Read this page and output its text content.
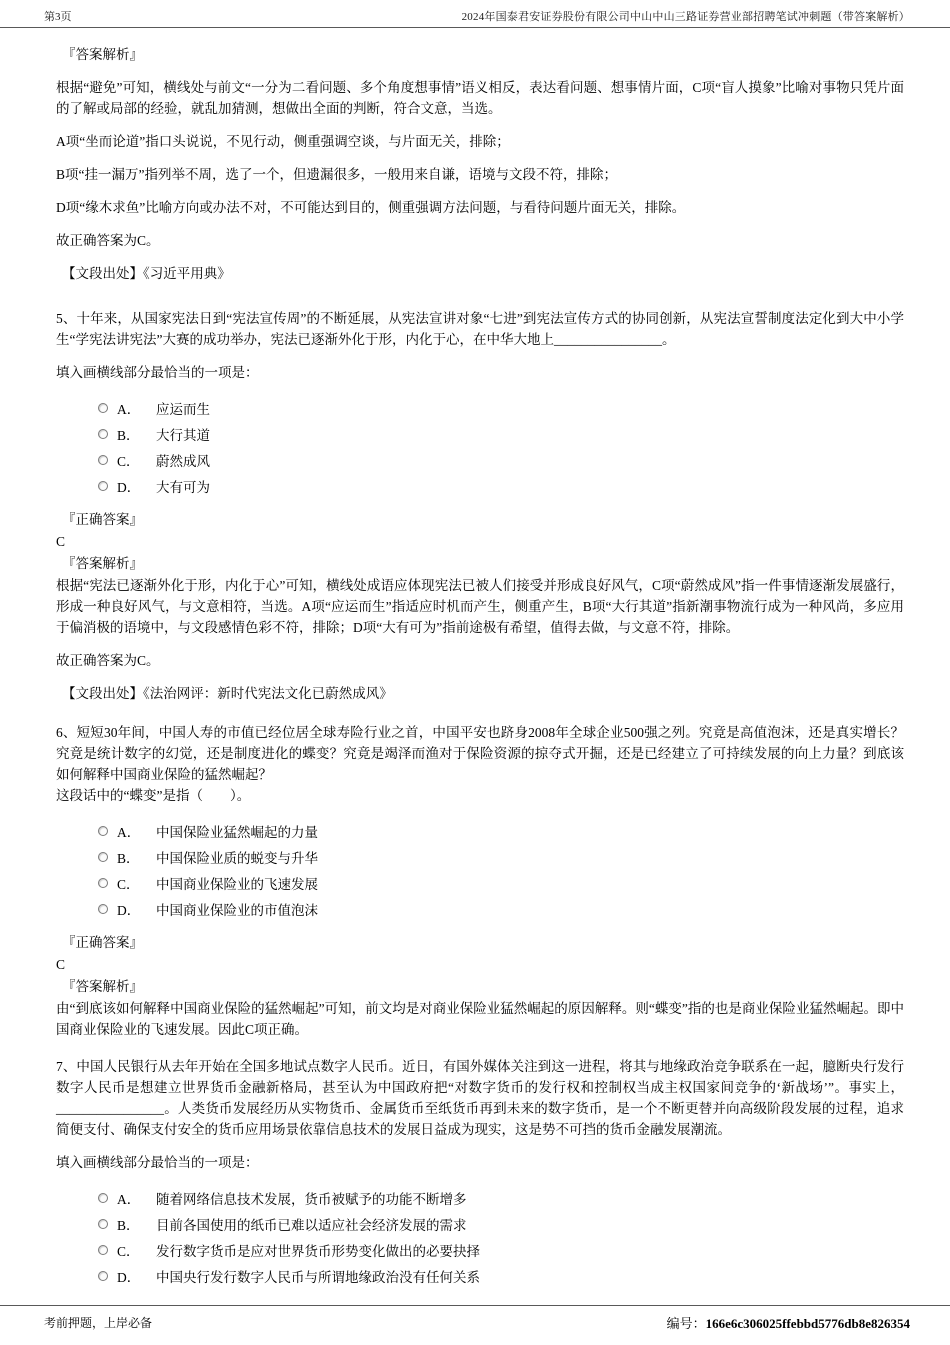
第3页	2024年国泰君安证券股份有限公司中山中山三路证券营业部招聘笔试冲刺题（带答案解析）

『答案解析』

根据“避免”可知，横线处与前文“一分为二看问题、多个角度想事情”语义相反，表达看问题、想事情片面，C项“盲人摸象”比喻对事物只凭片面的了解或局部的经验，就乱加猜测，想做出全面的判断，符合文意，当选。

A项“坐而论道”指口头说说，不见行动，侧重强调空谈，与片面无关，排除；

B项“挂一漏万”指列举不周，选了一个，但遗漏很多，一般用来自谦，语境与文段不符，排除；

D项“缘木求鱼”比喻方向或办法不对，不可能达到目的，侧重强调方法问题，与看待问题片面无关，排除。

故正确答案为C。

【文段出处】《习近平用典》

5、十年来，从国家宪法日到“宪法宣传周”的不断延展，从宪法宣讲对象“七进”到宪法宣传方式的协同创新，从宪法宣誓制度法定化到大中小学生“学宪法讲宪法”大赛的成功举办，宪法已逐渐外化于形，内化于心，在中华大地上________________。

填入画横线部分最恰当的一项是：

A． 应运而生
B．	大行其道
C．	蔚然成风
D． 大有可为

『正确答案』

C

『答案解析』

根据“宪法已逐渐外化于形，内化于心”可知，横线处成语应体现宪法已被人们接受并形成良好风气，C项“蔚然成风”指一件事情逐渐发展盛行，形成一种良好风气，与文意相符，当选。A项“应运而生”指适应时机而产生，侧重产生，B项“大行其道”指新潮事物流行成为一种风尚，多应用于偏消极的语境中，与文段感情色彩不符，排除；D项“大有可为”指前途极有希望，值得去做，与文意不符，排除。

故正确答案为C。

【文段出处】《法治网评：新时代宪法文化已蔚然成风》

6、短短30年间，中国人寿的市值已经位居全球寿险行业之首，中国平安也跻身2008年全球企业500强之列。究竟是高值泡沫，还是真实增长？究竟是统计数字的幻觉，还是制度进化的蝶变？究竟是竭泽而渔对于保险资源的掠夺式开掘，还是已经建立了可持续发展的向上力量？到底该如何解释中国商业保险的猛然崛起？

这段话中的“蝶变”是指（　　）。

A． 中国保险业猛然崛起的力量
B．	中国保险业质的蜕变与升华
C．	中国商业保险业的飞速发展
D． 中国商业保险业的市值泡沫

『正确答案』

C

『答案解析』

由“到底该如何解释中国商业保险的猛然崛起”可知，前文均是对商业保险业猛然崛起的原因解释。则“蝶变”指的也是商业保险业猛然崛起。即中国商业保险业的飞速发展。因此C项正确。

7、中国人民银行从去年开始在全国多地试点数字人民币。近日，有国外媒体关注到这一进程，将其与地缘政治竞争联系在一起，臆断央行发行数字人民币是想建立世界货币金融新格局，甚至认为中国政府把“对数字货币的发行权和控制权当成主权国家间竞争的‘新战场’”。事实上，________________。人类货币发展经历从实物货币、金属货币至纸货币再到未来的数字货币，是一个不断更替并向高级阶段发展的过程，追求简便支付、确保支付安全的货币应用场景依靠信息技术的发展日益成为现实，这是势不可挡的货币金融发展潮流。

填入画横线部分最恰当的一项是：

A． 随着网络信息技术发展，货币被赋予的功能不断增多
B．	目前各国使用的纸币已难以适应社会经济发展的需求
C．	发行数字货币是应对世界货币形势变化做出的必要抉择
D． 中国央行发行数字人民币与所谓地缘政治没有任何关系
考前押题，上岸必备	编号：166e6c306025ffebbd5776db8e826354
